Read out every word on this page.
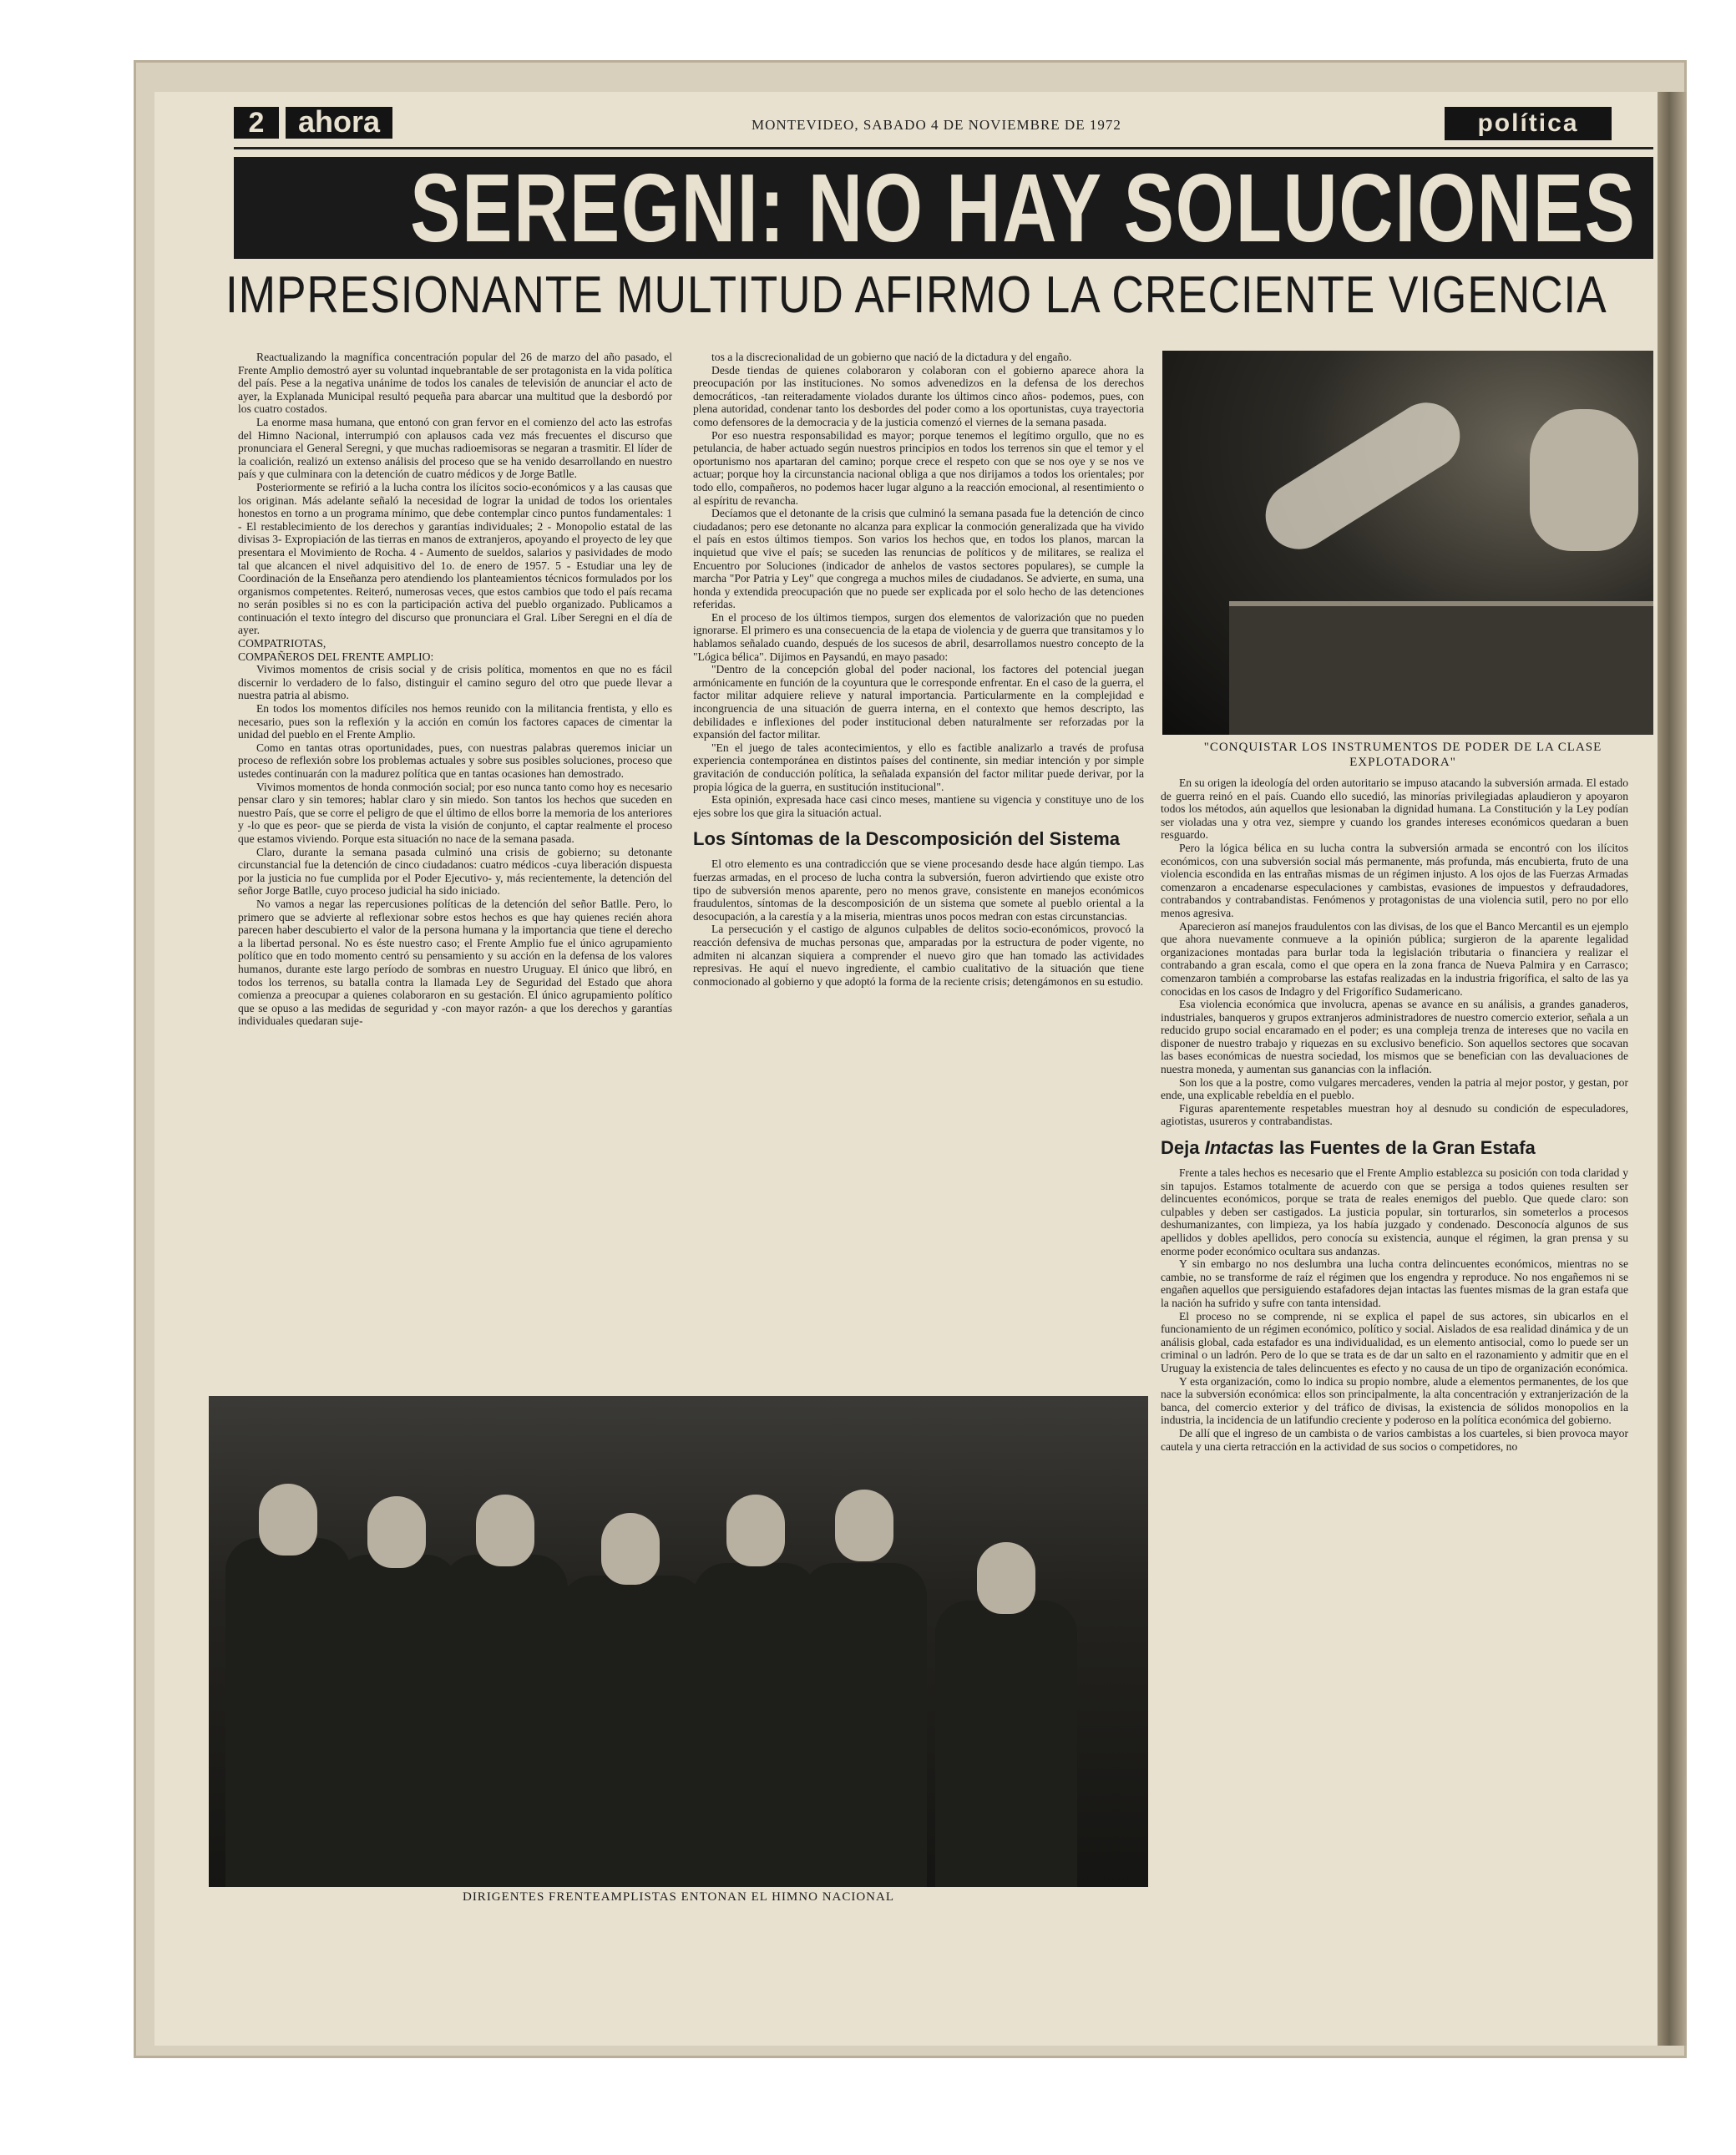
2	ahora	MONTEVIDEO, SABADO 4 DE NOVIEMBRE DE 1972	política
SEREGNI: NO HAY SOLUCIONES
IMPRESIONANTE MULTITUD AFIRMO LA CRECIENTE VIGENCIA

Reactualizando la magnífica concentración popular del 26 de marzo del año pasado, el Frente Amplio demostró ayer su voluntad inquebrantable de ser protagonista en la vida política del país. Pese a la negativa unánime de todos los canales de televisión de anunciar el acto de ayer, la Explanada Municipal resultó pequeña para abarcar una multitud que la desbordó por los cuatro costados.

La enorme masa humana, que entonó con gran fervor en el comienzo del acto las estrofas del Himno Nacional, interrumpió con aplausos cada vez más frecuentes el discurso que pronunciara el General Seregni, y que muchas radioemisoras se negaran a trasmitir. El líder de la coalición, realizó un extenso análisis del proceso que se ha venido desarrollando en nuestro país y que culminara con la detención de cuatro médicos y de Jorge Batlle.

Posteriormente se refirió a la lucha contra los ilícitos socio-económicos y a las causas que los originan. Más adelante señaló la necesidad de lograr la unidad de todos los orientales honestos en torno a un programa mínimo, que debe contemplar cinco puntos fundamentales: 1 - El restablecimiento de los derechos y garantías individuales; 2 - Monopolio estatal de las divisas 3- Expropiación de las tierras en manos de extranjeros, apoyando el proyecto de ley que presentara el Movimiento de Rocha. 4 - Aumento de sueldos, salarios y pasividades de modo tal que alcancen el nivel adquisitivo del 1o. de enero de 1957. 5 - Estudiar una ley de Coordinación de la Enseñanza pero atendiendo los planteamientos técnicos formulados por los organismos competentes. Reiteró, numerosas veces, que estos cambios que todo el país recama no serán posibles si no es con la participación activa del pueblo organizado. Publicamos a continuación el texto íntegro del discurso que pronunciara el Gral. Líber Seregni en el día de ayer.

COMPATRIOTAS,

COMPAÑEROS DEL FRENTE AMPLIO:

Vivimos momentos de crisis social y de crisis política, momentos en que no es fácil discernir lo verdadero de lo falso, distinguir el camino seguro del otro que puede llevar a nuestra patria al abismo.

En todos los momentos difíciles nos hemos reunido con la militancia frentista, y ello es necesario, pues son la reflexión y la acción en común los factores capaces de cimentar la unidad del pueblo en el Frente Amplio.

Como en tantas otras oportunidades, pues, con nuestras palabras queremos iniciar un proceso de reflexión sobre los problemas actuales y sobre sus posibles soluciones, proceso que ustedes continuarán con la madurez política que en tantas ocasiones han demostrado.

Vivimos momentos de honda conmoción social; por eso nunca tanto como hoy es necesario pensar claro y sin temores; hablar claro y sin miedo. Son tantos los hechos que suceden en nuestro País, que se corre el peligro de que el último de ellos borre la memoria de los anteriores y -lo que es peor- que se pierda de vista la visión de conjunto, el captar realmente el proceso que estamos viviendo. Porque esta situación no nace de la semana pasada.

Claro, durante la semana pasada culminó una crisis de gobierno; su detonante circunstancial fue la detención de cinco ciudadanos: cuatro médicos -cuya liberación dispuesta por la justicia no fue cumplida por el Poder Ejecutivo- y, más recientemente, la detención del señor Jorge Batlle, cuyo proceso judicial ha sido iniciado.

No vamos a negar las repercusiones políticas de la detención del señor Batlle. Pero, lo primero que se advierte al reflexionar sobre estos hechos es que hay quienes recién ahora parecen haber descubierto el valor de la persona humana y la importancia que tiene el derecho a la libertad personal. No es éste nuestro caso; el Frente Amplio fue el único agrupamiento político que en todo momento centró su pensamiento y su acción en la defensa de los valores humanos, durante este largo período de sombras en nuestro Uruguay. El único que libró, en todos los terrenos, su batalla contra la llamada Ley de Seguridad del Estado que ahora comienza a preocupar a quienes colaboraron en su gestación. El único agrupamiento político que se opuso a las medidas de seguridad y -con mayor razón- a que los derechos y garantías individuales quedaran suje-

tos a la discrecionalidad de un gobierno que nació de la dictadura y del engaño.

Desde tiendas de quienes colaboraron y colaboran con el gobierno aparece ahora la preocupación por las instituciones. No somos advenedizos en la defensa de los derechos democráticos, -tan reiteradamente violados durante los últimos cinco años- podemos, pues, con plena autoridad, condenar tanto los desbordes del poder como a los oportunistas, cuya trayectoria como defensores de la democracia y de la justicia comenzó el viernes de la semana pasada.

Por eso nuestra responsabilidad es mayor; porque tenemos el legítimo orgullo, que no es petulancia, de haber actuado según nuestros principios en todos los terrenos sin que el temor y el oportunismo nos apartaran del camino; porque crece el respeto con que se nos oye y se nos ve actuar; porque hoy la circunstancia nacional obliga a que nos dirijamos a todos los orientales; por todo ello, compañeros, no podemos hacer lugar alguno a la reacción emocional, al resentimiento o al espíritu de revancha.

Decíamos que el detonante de la crisis que culminó la semana pasada fue la detención de cinco ciudadanos; pero ese detonante no alcanza para explicar la conmoción generalizada que ha vivido el país en estos últimos tiempos. Son varios los hechos que, en todos los planos, marcan la inquietud que vive el país; se suceden las renuncias de políticos y de militares, se realiza el Encuentro por Soluciones (indicador de anhelos de vastos sectores populares), se cumple la marcha "Por Patria y Ley" que congrega a muchos miles de ciudadanos. Se advierte, en suma, una honda y extendida preocupación que no puede ser explicada por el solo hecho de las detenciones referidas.

En el proceso de los últimos tiempos, surgen dos elementos de valorización que no pueden ignorarse. El primero es una consecuencia de la etapa de violencia y de guerra que transitamos y lo hablamos señalado cuando, después de los sucesos de abril, desarrollamos nuestro concepto de la "Lógica bélica". Dijimos en Paysandú, en mayo pasado:

"Dentro de la concepción global del poder nacional, los factores del potencial juegan armónicamente en función de la coyuntura que le corresponde enfrentar. En el caso de la guerra, el factor militar adquiere relieve y natural importancia. Particularmente en la complejidad e incongruencia de una situación de guerra interna, en el contexto que hemos descripto, las debilidades e inflexiones del poder institucional deben naturalmente ser reforzadas por la expansión del factor militar.

"En el juego de tales acontecimientos, y ello es factible analizarlo a través de profusa experiencia contemporánea en distintos países del continente, sin mediar intención y por simple gravitación de conducción política, la señalada expansión del factor militar puede derivar, por la propia lógica de la guerra, en sustitución institucional".

Esta opinión, expresada hace casi cinco meses, mantiene su vigencia y constituye uno de los ejes sobre los que gira la situación actual.

Los Síntomas de la Descomposición del Sistema

El otro elemento es una contradicción que se viene procesando desde hace algún tiempo. Las fuerzas armadas, en el proceso de lucha contra la subversión, fueron advirtiendo que existe otro tipo de subversión menos aparente, pero no menos grave, consistente en manejos económicos fraudulentos, síntomas de la descomposición de un sistema que somete al pueblo oriental a la desocupación, a la carestía y a la miseria, mientras unos pocos medran con estas circunstancias.

La persecución y el castigo de algunos culpables de delitos socio-económicos, provocó la reacción defensiva de muchas personas que, amparadas por la estructura de poder vigente, no admiten ni alcanzan siquiera a comprender el nuevo giro que han tomado las actividades represivas. He aquí el nuevo ingrediente, el cambio cualitativo de la situación que tiene conmocionado al gobierno y que adoptó la forma de la reciente crisis; detengámonos en su estudio.

"CONQUISTAR LOS INSTRUMENTOS DE PODER DE LA CLASE EXPLOTADORA"

En su origen la ideología del orden autoritario se impuso atacando la subversión armada. El estado de guerra reinó en el país. Cuando ello sucedió, las minorías privilegiadas aplaudieron y apoyaron todos los métodos, aún aquellos que lesionaban la dignidad humana. La Constitución y la Ley podían ser violadas una y otra vez, siempre y cuando los grandes intereses económicos quedaran a buen resguardo.

Pero la lógica bélica en su lucha contra la subversión armada se encontró con los ilícitos económicos, con una subversión social más permanente, más profunda, más encubierta, fruto de una violencia escondida en las entrañas mismas de un régimen injusto. A los ojos de las Fuerzas Armadas comenzaron a encadenarse especulaciones y cambistas, evasiones de impuestos y defraudadores, contrabandos y contrabandistas. Fenómenos y protagonistas de una violencia sutil, pero no por ello menos agresiva.

Aparecieron así manejos fraudulentos con las divisas, de los que el Banco Mercantil es un ejemplo que ahora nuevamente conmueve a la opinión pública; surgieron de la aparente legalidad organizaciones montadas para burlar toda la legislación tributaria o financiera y realizar el contrabando a gran escala, como el que opera en la zona franca de Nueva Palmira y en Carrasco; comenzaron también a comprobarse las estafas realizadas en la industria frigorífica, el salto de las ya conocidas en los casos de Indagro y del Frigorífico Sudamericano.

Esa violencia económica que involucra, apenas se avance en su análisis, a grandes ganaderos, industriales, banqueros y grupos extranjeros administradores de nuestro comercio exterior, señala a un reducido grupo social encaramado en el poder; es una compleja trenza de intereses que no vacila en disponer de nuestro trabajo y riquezas en su exclusivo beneficio. Son aquellos sectores que socavan las bases económicas de nuestra sociedad, los mismos que se benefician con las devaluaciones de nuestra moneda, y aumentan sus ganancias con la inflación.

Son los que a la postre, como vulgares mercaderes, venden la patria al mejor postor, y gestan, por ende, una explicable rebeldía en el pueblo.

Figuras aparentemente respetables muestran hoy al desnudo su condición de especuladores, agiotistas, usureros y contrabandistas.

Deja Intactas las Fuentes de la Gran Estafa

Frente a tales hechos es necesario que el Frente Amplio establezca su posición con toda claridad y sin tapujos. Estamos totalmente de acuerdo con que se persiga a todos quienes resulten ser delincuentes económicos, porque se trata de reales enemigos del pueblo. Que quede claro: son culpables y deben ser castigados. La justicia popular, sin torturarlos, sin someterlos a procesos deshumanizantes, con limpieza, ya los había juzgado y condenado. Desconocía algunos de sus apellidos y dobles apellidos, pero conocía su existencia, aunque el régimen, la gran prensa y su enorme poder económico ocultara sus andanzas.

Y sin embargo no nos deslumbra una lucha contra delincuentes económicos, mientras no se cambie, no se transforme de raíz el régimen que los engendra y reproduce. No nos engañemos ni se engañen aquellos que persiguiendo estafadores dejan intactas las fuentes mismas de la gran estafa que la nación ha sufrido y sufre con tanta intensidad.

El proceso no se comprende, ni se explica el papel de sus actores, sin ubicarlos en el funcionamiento de un régimen económico, político y social. Aislados de esa realidad dinámica y de un análisis global, cada estafador es una individualidad, es un elemento antisocial, como lo puede ser un criminal o un ladrón. Pero de lo que se trata es de dar un salto en el razonamiento y admitir que en el Uruguay la existencia de tales delincuentes es efecto y no causa de un tipo de organización económica.

Y esta organización, como lo indica su propio nombre, alude a elementos permanentes, de los que nace la subversión económica: ellos son principalmente, la alta concentración y extranjerización de la banca, del comercio exterior y del tráfico de divisas, la existencia de sólidos monopolios en la industria, la incidencia de un latifundio creciente y poderoso en la política económica del gobierno.

De allí que el ingreso de un cambista o de varios cambistas a los cuarteles, si bien provoca mayor cautela y una cierta retracción en la actividad de sus socios o competidores, no

DIRIGENTES FRENTEAMPLISTAS ENTONAN EL HIMNO NACIONAL
